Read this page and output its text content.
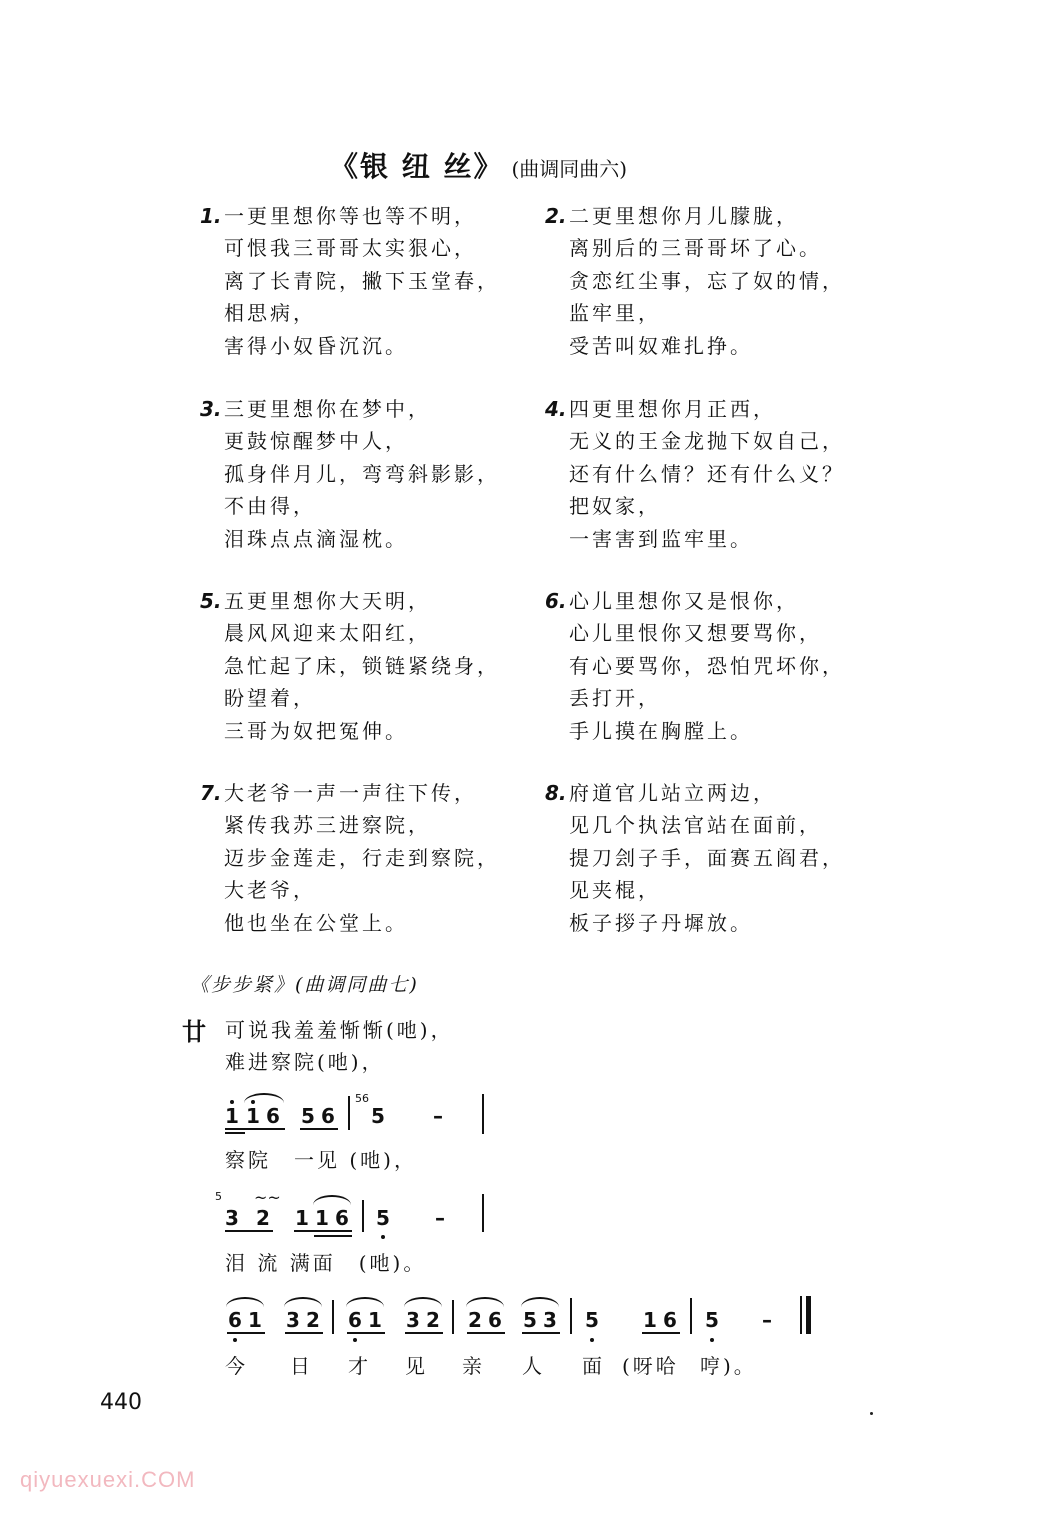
《银 纽 丝》 (曲调同曲六)
1. 一更里想你等也等不明，
可恨我三哥哥太实狠心，
离了长青院，撇下玉堂春，
相思病，
害得小奴昏沉沉。
2. 二更里想你月儿朦胧，
离别后的三哥哥坏了心。
贪恋红尘事，忘了奴的情，
监牢里，
受苦叫奴难扎挣。
3. 三更里想你在梦中，
更鼓惊醒梦中人，
孤身伴月儿，弯弯斜影影，
不由得，
泪珠点点滴湿枕。
4. 四更里想你月正西，
无义的王金龙抛下奴自己，
还有什么情？还有什么义？
把奴家，
一害害到监牢里。
5. 五更里想你大天明，
晨风风迎来太阳红，
急忙起了床，锁链紧绕身，
盼望着，
三哥为奴把冤伸。
6. 心儿里想你又是恨你，
心儿里恨你又想要骂你，
有心要骂你，恐怕咒坏你，
丢打开，
手儿摸在胸膛上。
7. 大老爷一声一声往下传，
紧传我苏三进察院，
迈步金莲走，行走到察院，
大老爷，
他也坐在公堂上。
8. 府道官儿站立两边，
见几个执法官站在面前，
提刀刽子手，面赛五阎君，
见夹棍，
板子拶子丹墀放。
《步步紧》(曲调同曲七)
廿 可说我羞羞惭惭(吔)，
难进察院(吔)，
1 1 6 5 6
56
5 –
察院　一见 (吔)，
5
3 2
~~
1 1 6 5 –
泪 流 满面　(吔)。
6 1 3 2 6 1 3 2 2 6 5 3 5 1 6 5 –
今 日 才 见 亲 人 面 (呀哈 哼)。
440
qiyuexuexi.COM
